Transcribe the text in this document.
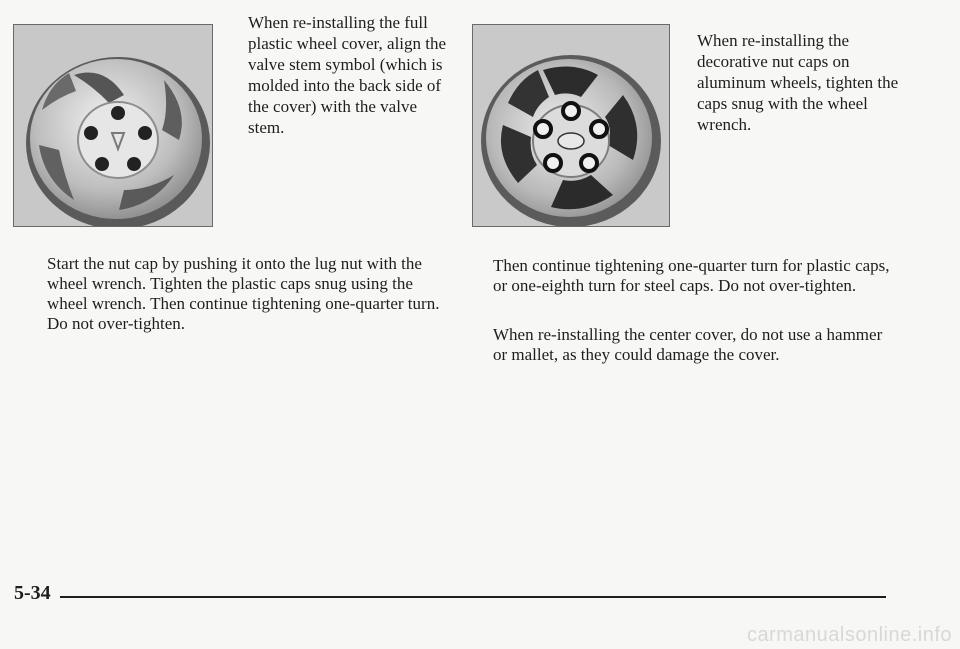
When re-installing the full plastic wheel cover, align the valve stem symbol (which is molded into the back side of the cover) with the valve stem.

When re-installing the decorative nut caps on aluminum wheels, tighten the caps snug with the wheel wrench.

Start the nut cap by pushing it onto the lug nut with the wheel wrench. Tighten the plastic caps snug using the wheel wrench. Then continue tightening one-quarter turn. Do not over-tighten.

Then continue tightening one-quarter turn for plastic caps, or one-eighth turn for steel caps. Do not over-tighten.

When re-installing the center cover, do not use a hammer or mallet, as they could damage the cover.

5-34

carmanualsonline.info
